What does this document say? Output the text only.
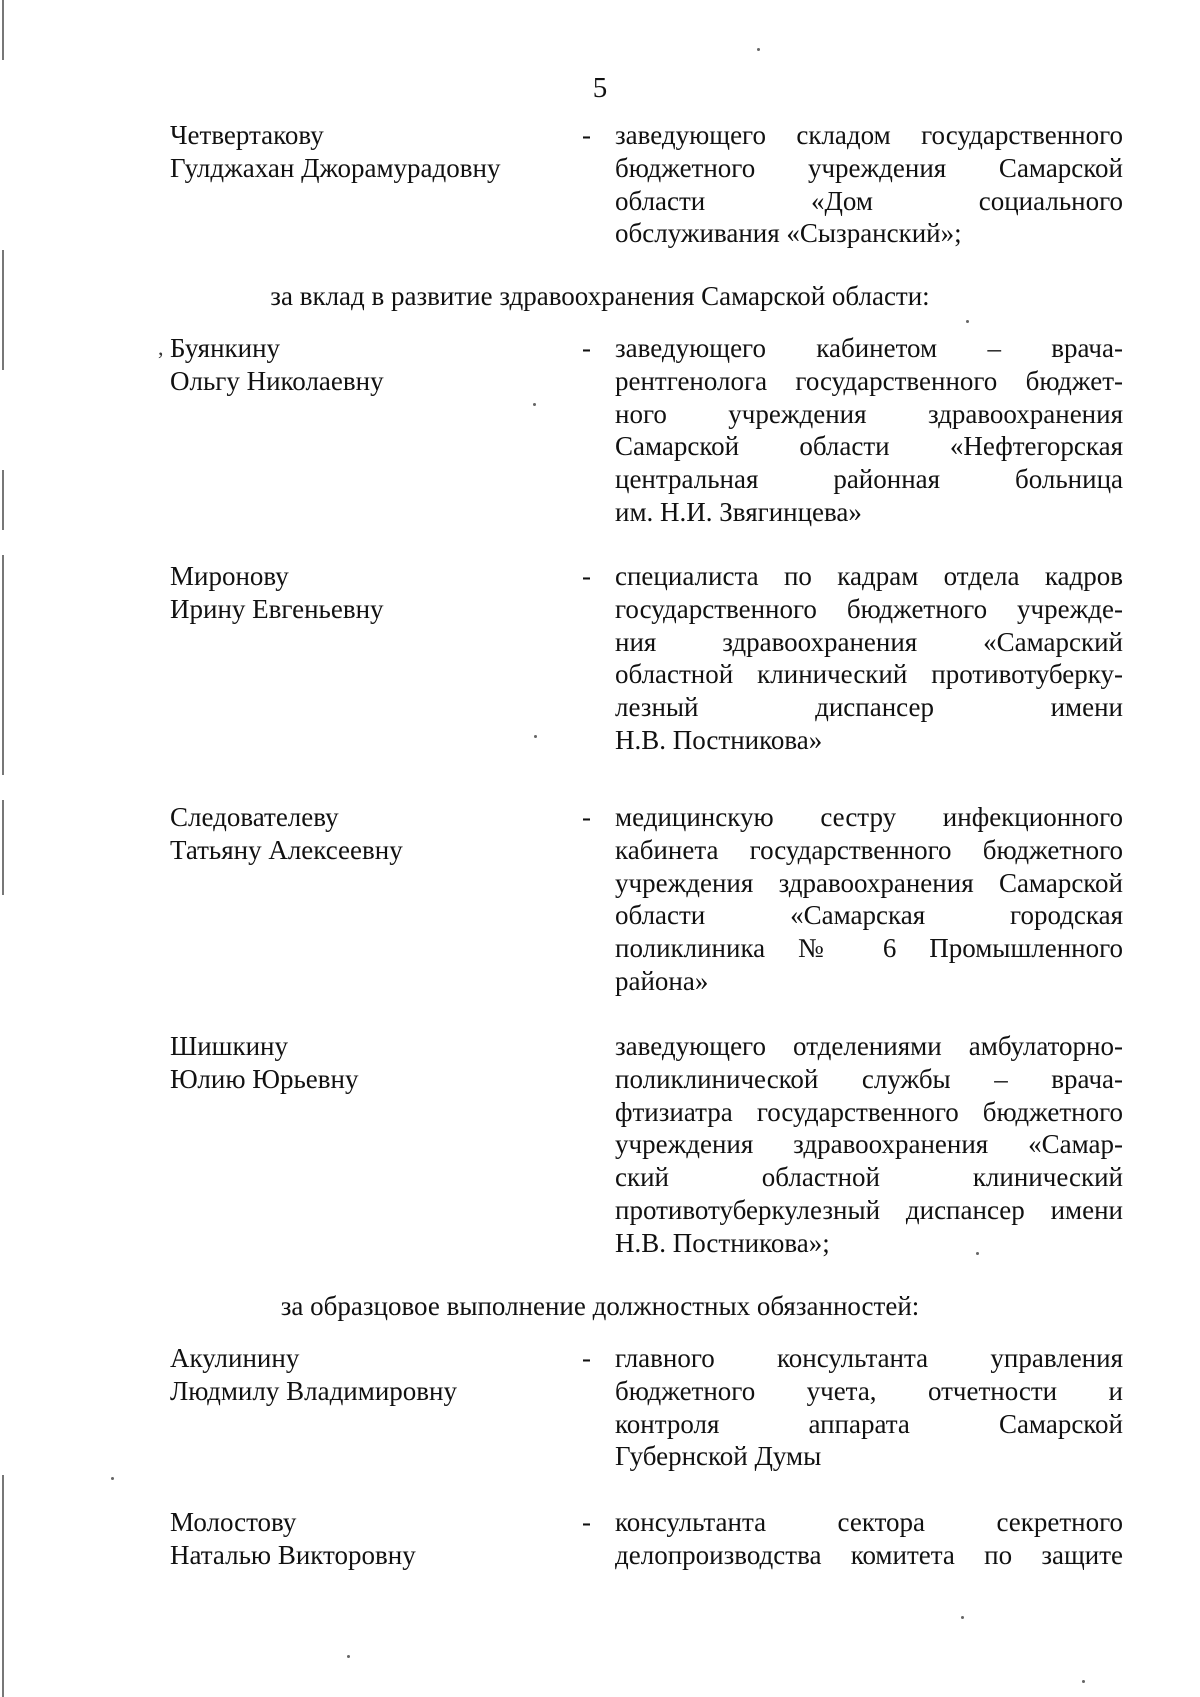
5
Четвертакову
Гулджахан Джорамурадовну
- заведующего складом государственного
бюджетного учреждения Самарской
области «Дом социального
обслуживания «Сызранский»;
за вклад в развитие здравоохранения Самарской области:
, Буянкину
Ольгу Николаевну
- заведующего кабинетом – врача-
рентгенолога государственного бюджет-
ного учреждения здравоохранения
Самарской области «Нефтегорская
центральная районная больница
им. Н.И. Звягинцева»
Миронову
Ирину Евгеньевну
- специалиста по кадрам отдела кадров
государственного бюджетного учрежде-
ния здравоохранения «Самарский
областной клинический противотуберку-
лезный диспансер имени
Н.В. Постникова»
Следователеву
Татьяну Алексеевну
- медицинскую сестру инфекционного
кабинета государственного бюджетного
учреждения здравоохранения Самарской
области «Самарская городская
поликлиника № 6 Промышленного
района»
Шишкину
Юлию Юрьевну
заведующего отделениями амбулаторно-
поликлинической службы – врача-
фтизиатра государственного бюджетного
учреждения здравоохранения «Самар-
ский областной клинический
противотуберкулезный диспансер имени
Н.В. Постникова»;
за образцовое выполнение должностных обязанностей:
Акулинину
Людмилу Владимировну
- главного консультанта управления
бюджетного учета, отчетности и
контроля аппарата Самарской
Губернской Думы
Молостову
Наталью Викторовну
- консультанта сектора секретного
делопроизводства комитета по защите
